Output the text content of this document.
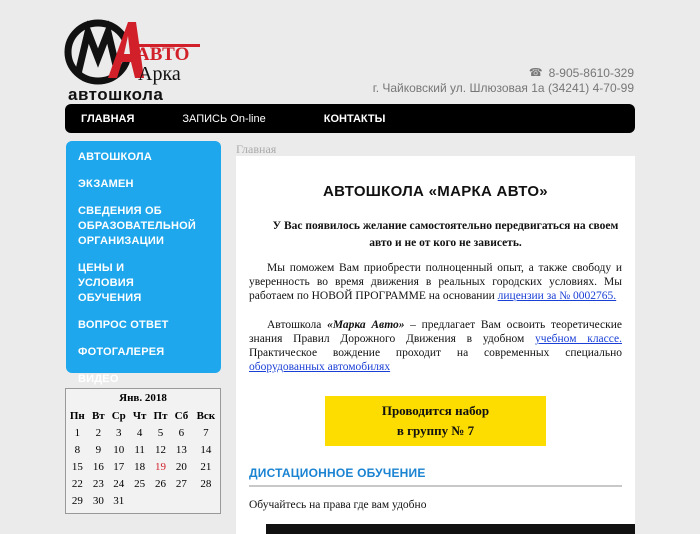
АВТО
Арка
автошкола
☎ 8-905-8610-329
г. Чайковский ул. Шлюзовая 1а (34241) 4-70-99
ГЛАВНАЯ	ЗАПИСЬ On-line	КОНТАКТЫ
АВТОШКОЛА
ЭКЗАМЕН
СВЕДЕНИЯ ОБ ОБРАЗОВАТЕЛЬНОЙ ОРГАНИЗАЦИИ
ЦЕНЫ И УСЛОВИЯ ОБУЧЕНИЯ
ВОПРОС ОТВЕТ
ФОТОГАЛЕРЕЯ
ВИДЕО
Янв. 2018
Пн	Вт	Ср	Чт	Пт	Сб	Вск
1	2	3	4	5	6	7
8	9	10	11	12	13	14
15	16	17	18	19	20	21
22	23	24	25	26	27	28
29	30	31				
Главная
АВТОШКОЛА «МАРКА АВТО»
У Вас появилось желание самостоятельно передвигаться на своем авто и не от кого не зависеть.
Мы поможем Вам приобрести полноценный опыт, а также свободу и уверенность во время движения в реальных городских условиях. Мы работаем по НОВОЙ ПРОГРАММЕ на основании лицензии за № 0002765.
Автошкола «Марка Авто» – предлагает Вам освоить теоретические знания Правил Дорожного Движения в удобном учебном классе. Практическое вождение проходит на современных специально оборудованных автомобилях
Проводится набор
в группу № 7
ДИСТАЦИОННОЕ ОБУЧЕНИЕ
Обучайтесь на права где вам удобно
